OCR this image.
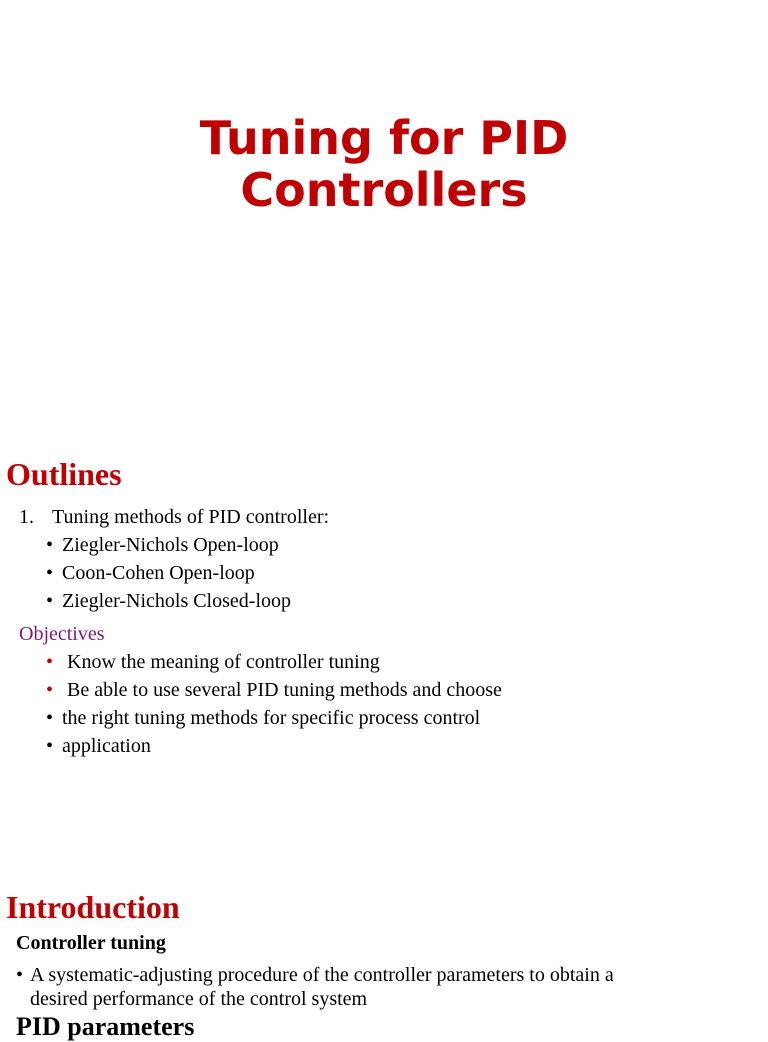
Tuning for PID
Controllers
Outlines
1. Tuning methods of PID controller:
• Ziegler-Nichols Open-loop
• Coon-Cohen Open-loop
• Ziegler-Nichols Closed-loop
Objectives
• Know the meaning of controller tuning
• Be able to use several PID tuning methods and choose
• the right tuning methods for specific process control
• application
Introduction
Controller tuning
• A systematic-adjusting procedure of the controller parameters to obtain a
desired performance of the control system
PID parameters
